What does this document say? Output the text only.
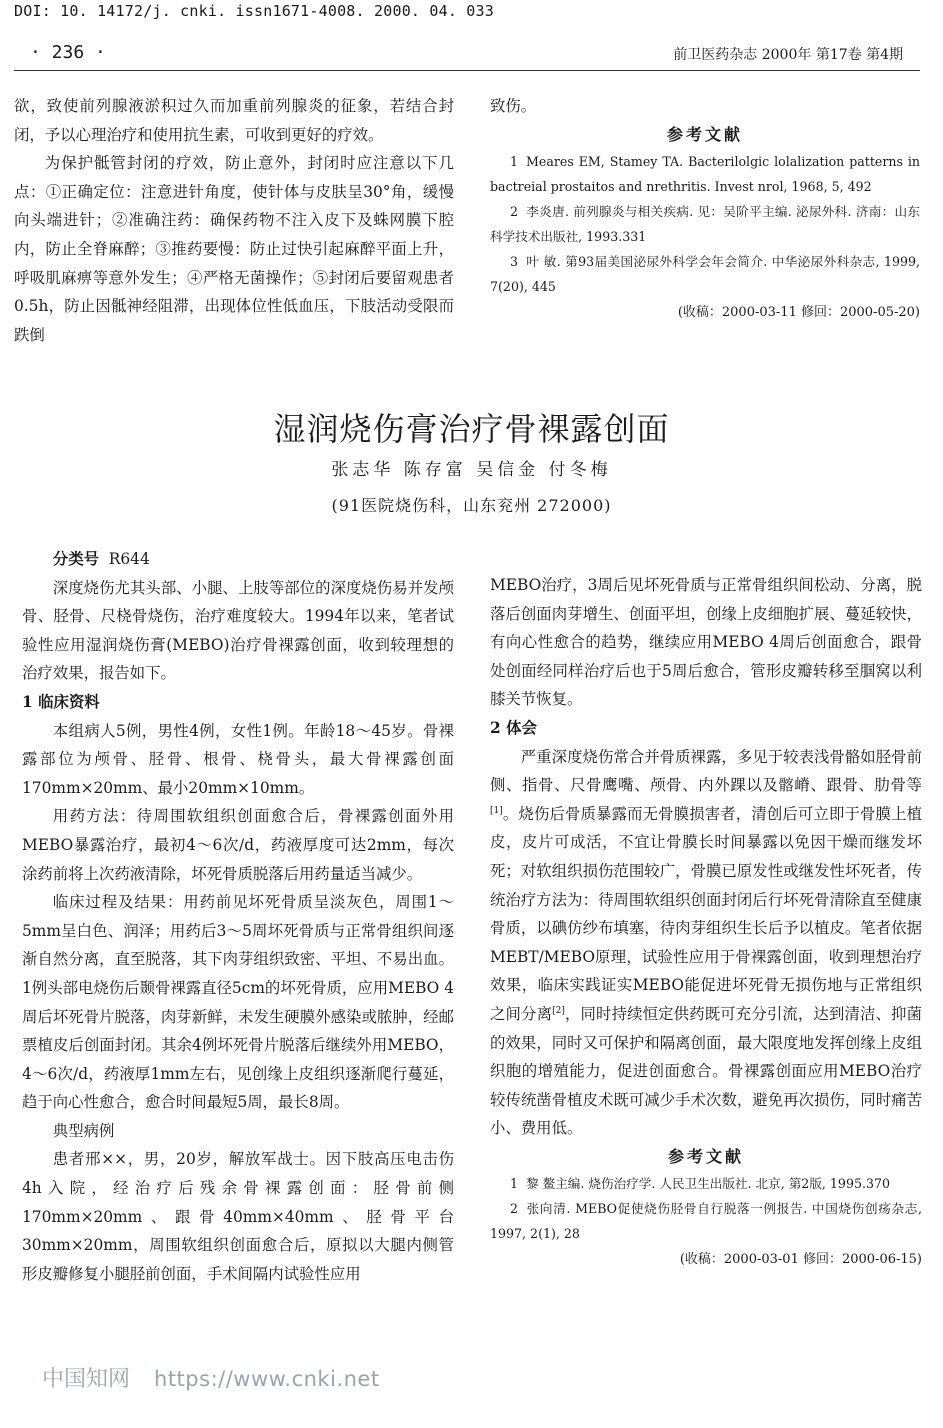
DOI: 10. 14172/j. cnki. issn1671-4008. 2000. 04. 033
· 236 ·	前卫医药杂志 2000年 第17卷 第4期

欲，致使前列腺液淤积过久而加重前列腺炎的征象，若结合封闭，予以心理治疗和使用抗生素，可收到更好的疗效。

为保护骶管封闭的疗效，防止意外，封闭时应注意以下几点：①正确定位：注意进针角度，使针体与皮肤呈30°角，缓慢向头端进针；②准确注药：确保药物不注入皮下及蛛网膜下腔内，防止全脊麻醉；③推药要慢：防止过快引起麻醉平面上升，呼吸肌麻痹等意外发生；④严格无菌操作；⑤封闭后要留观患者 0.5h，防止因骶神经阻滞，出现体位性低血压，下肢活动受限而跌倒

致伤。

参考文献

1 Meares EM, Stamey TA. Bacterilolgic lolalization patterns in bactreial prostaitos and nrethritis. Invest nrol, 1968, 5, 492

2 李炎唐. 前列腺炎与相关疾病. 见：吴阶平主编. 泌尿外科. 济南：山东科学技术出版社, 1993.331

3 叶 敏. 第93届美国泌尿外科学会年会简介. 中华泌尿外科杂志, 1999, 7(20), 445

(收稿：2000-03-11 修回：2000-05-20)

湿润烧伤膏治疗骨裸露创面
张志华 陈存富 吴信金 付冬梅
(91医院烧伤科，山东兖州 272000)

分类号 R644

深度烧伤尤其头部、小腿、上肢等部位的深度烧伤易并发颅骨、胫骨、尺桡骨烧伤，治疗难度较大。1994年以来，笔者试验性应用湿润烧伤膏(MEBO)治疗骨裸露创面，收到较理想的治疗效果，报告如下。

1 临床资料

本组病人5例，男性4例，女性1例。年龄18～45岁。骨裸露部位为颅骨、胫骨、根骨、桡骨头，最大骨裸露创面170mm×20mm、最小20mm×10mm。

用药方法：待周围软组织创面愈合后，骨裸露创面外用MEBO暴露治疗，最初4～6次/d，药液厚度可达2mm，每次涂药前将上次药液清除，坏死骨质脱落后用药量适当减少。

临床过程及结果：用药前见坏死骨质呈淡灰色，周围1～5mm呈白色、润泽；用药后3～5周坏死骨质与正常骨组织间逐渐自然分离，直至脱落，其下肉芽组织致密、平坦、不易出血。1例头部电烧伤后颞骨裸露直径5cm的坏死骨质，应用MEBO 4周后坏死骨片脱落，肉芽新鲜，未发生硬膜外感染或脓肿，经邮票植皮后创面封闭。其余4例坏死骨片脱落后继续外用MEBO，4～6次/d，药液厚1mm左右，见创缘上皮组织逐渐爬行蔓延，趋于向心性愈合，愈合时间最短5周，最长8周。

典型病例

患者邢××，男，20岁，解放军战士。因下肢高压电击伤4h入院，经治疗后残余骨裸露创面：胫骨前侧170mm×20mm、跟骨40mm×40mm、胫骨平台30mm×20mm，周围软组织创面愈合后，原拟以大腿内侧管形皮瓣修复小腿胫前创面，手术间隔内试验性应用

MEBO治疗，3周后见坏死骨质与正常骨组织间松动、分离，脱落后创面肉芽增生、创面平坦，创缘上皮细胞扩展、蔓延较快，有向心性愈合的趋势，继续应用MEBO 4周后创面愈合，跟骨处创面经同样治疗后也于5周后愈合，管形皮瓣转移至腘窝以利膝关节恢复。

2 体会

严重深度烧伤常合并骨质裸露，多见于较表浅骨骼如胫骨前侧、指骨、尺骨鹰嘴、颅骨、内外踝以及髂嵴、跟骨、肋骨等[1]。烧伤后骨质暴露而无骨膜损害者，清创后可立即于骨膜上植皮，皮片可成活，不宜让骨膜长时间暴露以免因干燥而继发坏死；对软组织损伤范围较广，骨膜已原发性或继发性坏死者，传统治疗方法为：待周围软组织创面封闭后行坏死骨清除直至健康骨质，以碘仿纱布填塞，待肉芽组织生长后予以植皮。笔者依据MEBT/MEBO原理，试验性应用于骨裸露创面，收到理想治疗效果，临床实践证实MEBO能促进坏死骨无损伤地与正常组织之间分离[2]，同时持续恒定供药既可充分引流，达到清洁、抑菌的效果，同时又可保护和隔离创面，最大限度地发挥创缘上皮组织胞的增殖能力，促进创面愈合。骨裸露创面应用MEBO治疗较传统凿骨植皮术既可减少手术次数，避免再次损伤，同时痛苦小、费用低。

参考文献

1 黎 鳌主编. 烧伤治疗学. 人民卫生出版社. 北京, 第2版, 1995.370

2 张向清. MEBO促使烧伤胫骨自行脱落一例报告. 中国烧伤创疡杂志, 1997, 2(1), 28

(收稿：2000-03-01 修回：2000-06-15)

中国知网 https://www.cnki.net
